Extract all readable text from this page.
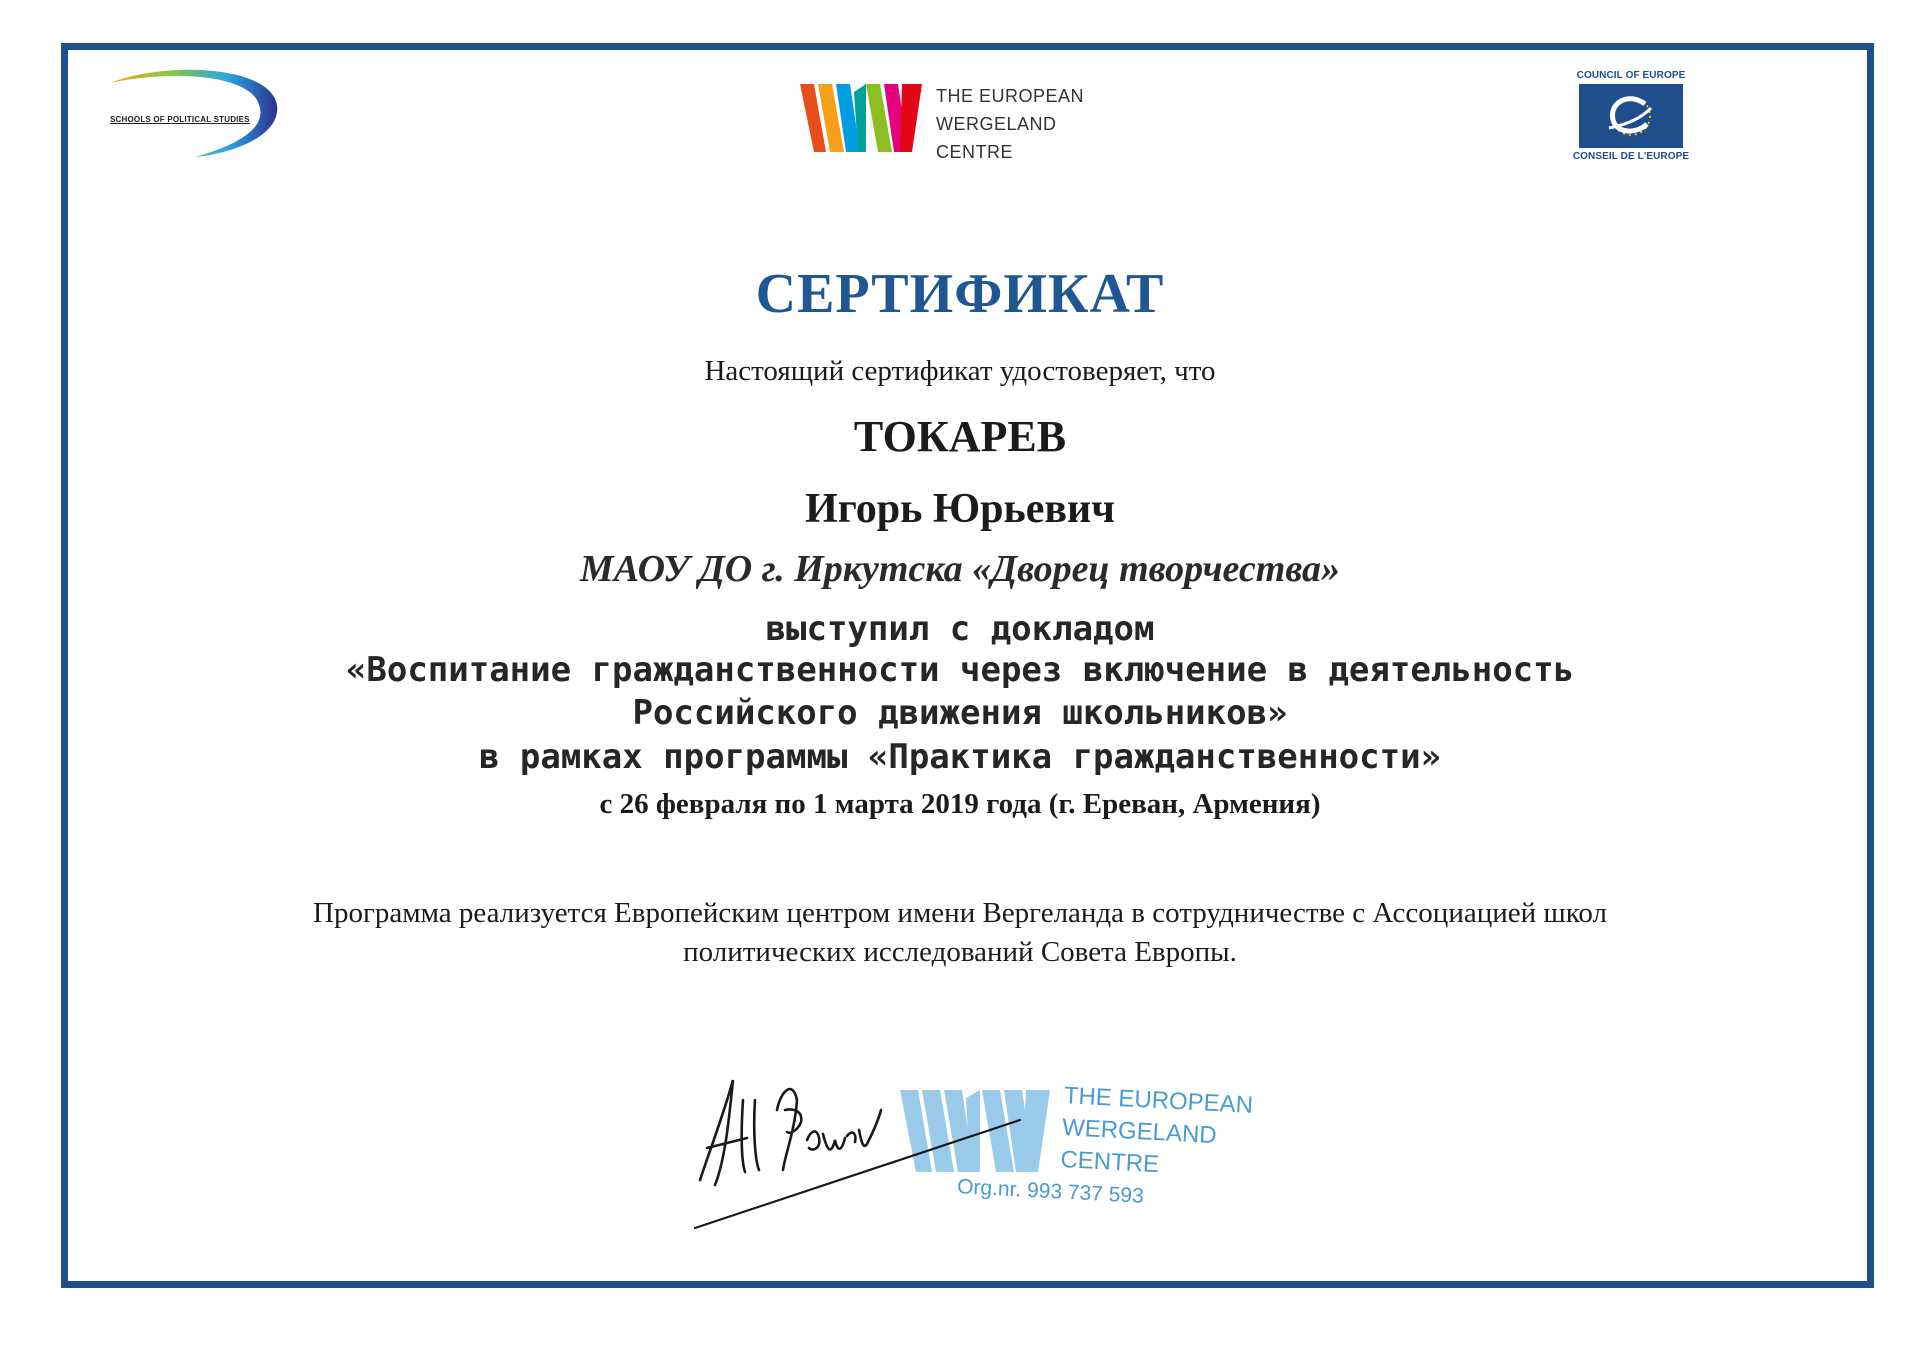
SCHOOLS OF POLITICAL STUDIES
THE EUROPEAN
WERGELAND
CENTRE
COUNCIL OF EUROPE
CONSEIL DE L'EUROPE
СЕРТИФИКАТ
Настоящий сертификат удостоверяет, что
ТОКАРЕВ
Игорь Юрьевич
МАОУ ДО г. Иркутска «Дворец творчества»
выступил с докладом
«Воспитание гражданственности через включение в деятельность
Российского движения школьников»
в рамках программы «Практика гражданственности»
с 26 февраля по 1 марта 2019 года (г. Ереван, Армения)
Программа реализуется Европейским центром имени Вергеланда в сотрудничестве с Ассоциацией школ
политических исследований Совета Европы.
THE EUROPEAN
WERGELAND
CENTRE
Org.nr. 993 737 593
